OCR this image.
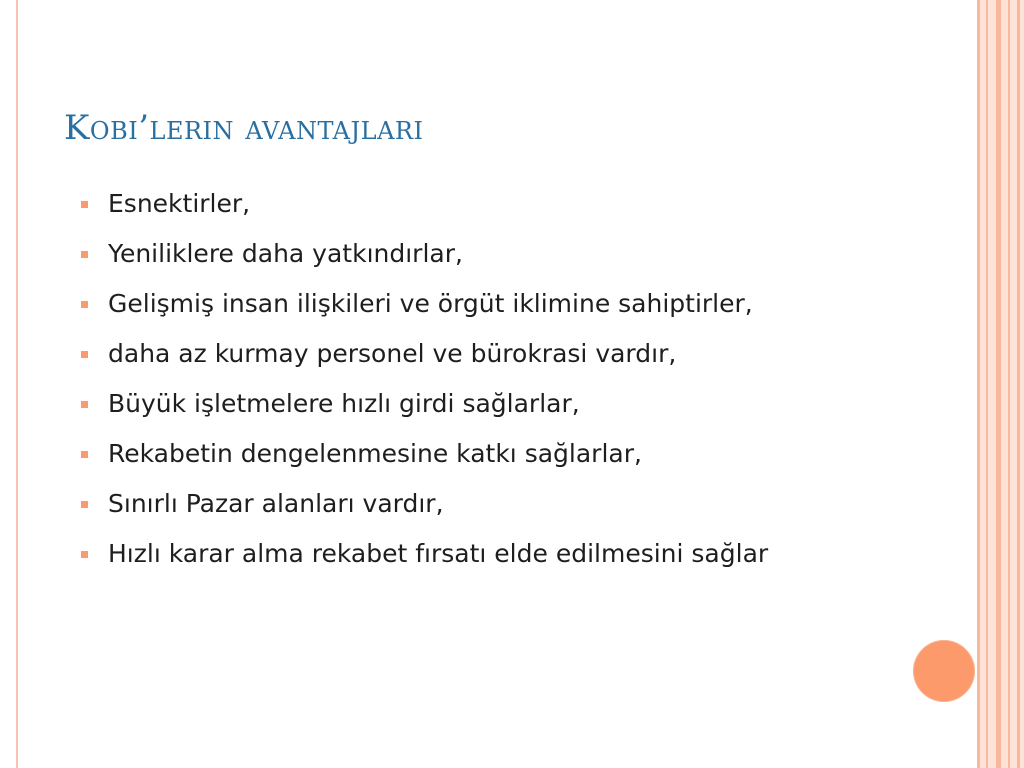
Kobi’lerin avantajları
Esnektirler,
Yeniliklere daha yatkındırlar,
Gelişmiş insan ilişkileri ve örgüt iklimine sahiptirler,
daha az kurmay personel ve bürokrasi vardır,
Büyük işletmelere hızlı girdi sağlarlar,
Rekabetin dengelenmesine katkı sağlarlar,
Sınırlı Pazar alanları vardır,
Hızlı karar alma rekabet fırsatı elde edilmesini sağlar
